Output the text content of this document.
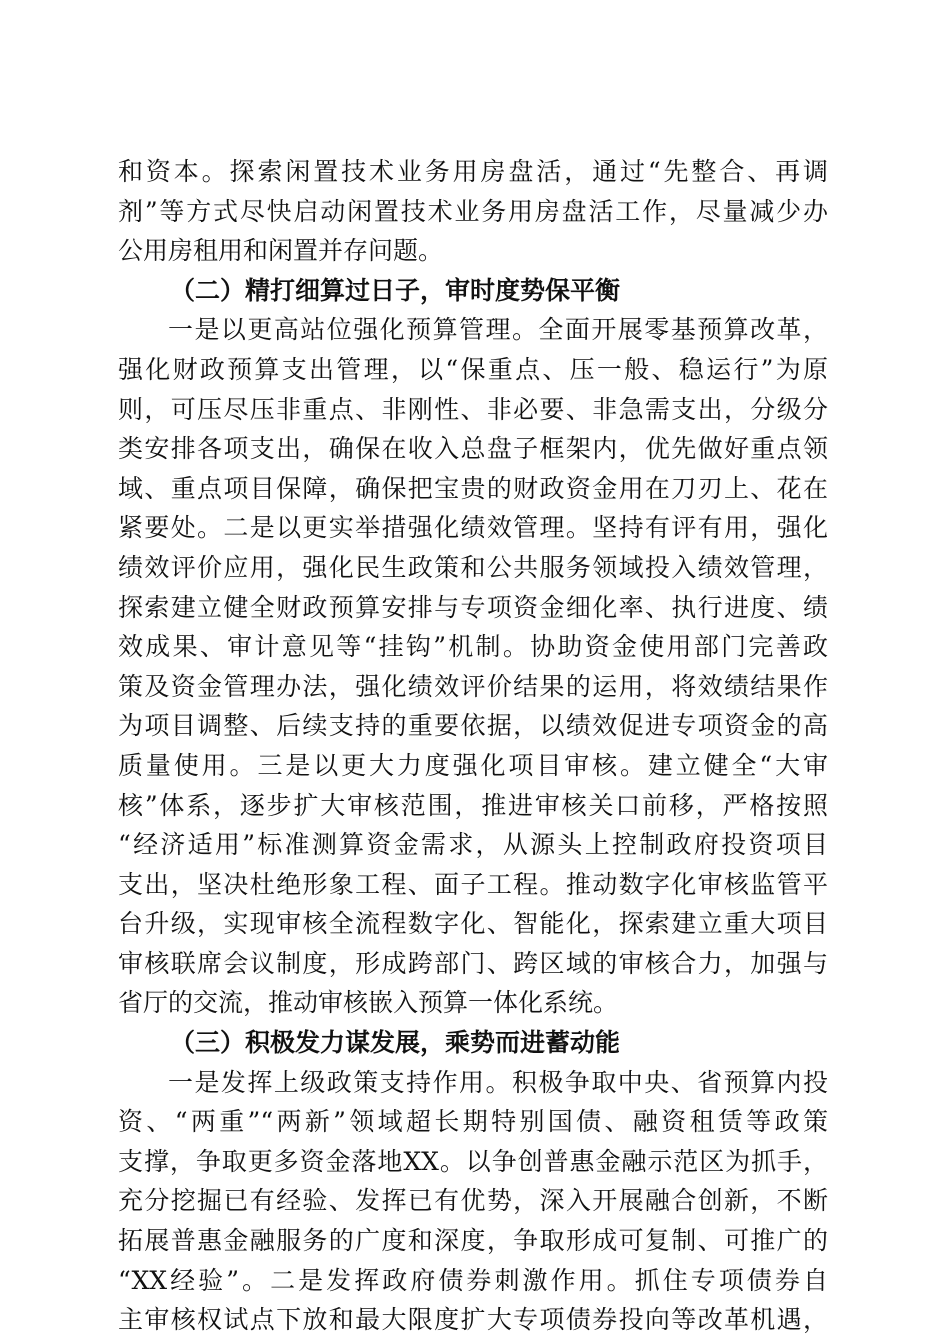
和资本。探索闲置技术业务用房盘活，通过“先整合、再调
剂”等方式尽快启动闲置技术业务用房盘活工作，尽量减少办
公用房租用和闲置并存问题。
（二）精打细算过日子，审时度势保平衡
一是以更高站位强化预算管理。全面开展零基预算改革，
强化财政预算支出管理，以“保重点、压一般、稳运行”为原
则，可压尽压非重点、非刚性、非必要、非急需支出，分级分
类安排各项支出，确保在收入总盘子框架内，优先做好重点领
域、重点项目保障，确保把宝贵的财政资金用在刀刃上、花在
紧要处。二是以更实举措强化绩效管理。坚持有评有用，强化
绩效评价应用，强化民生政策和公共服务领域投入绩效管理，
探索建立健全财政预算安排与专项资金细化率、执行进度、绩
效成果、审计意见等“挂钩”机制。协助资金使用部门完善政
策及资金管理办法，强化绩效评价结果的运用，将效绩结果作
为项目调整、后续支持的重要依据，以绩效促进专项资金的高
质量使用。三是以更大力度强化项目审核。建立健全“大审
核”体系，逐步扩大审核范围，推进审核关口前移，严格按照
“经济适用”标准测算资金需求，从源头上控制政府投资项目
支出，坚决杜绝形象工程、面子工程。推动数字化审核监管平
台升级，实现审核全流程数字化、智能化，探索建立重大项目
审核联席会议制度，形成跨部门、跨区域的审核合力，加强与
省厅的交流，推动审核嵌入预算一体化系统。
（三）积极发力谋发展，乘势而进蓄动能
一是发挥上级政策支持作用。积极争取中央、省预算内投
资、“两重”“两新”领域超长期特别国债、融资租赁等政策
支撑，争取更多资金落地XX。以争创普惠金融示范区为抓手，
充分挖掘已有经验、发挥已有优势，深入开展融合创新，不断
拓展普惠金融服务的广度和深度，争取形成可复制、可推广的
“XX经验”。二是发挥政府债券刺激作用。抓住专项债券自
主审核权试点下放和最大限度扩大专项债券投向等改革机遇，
